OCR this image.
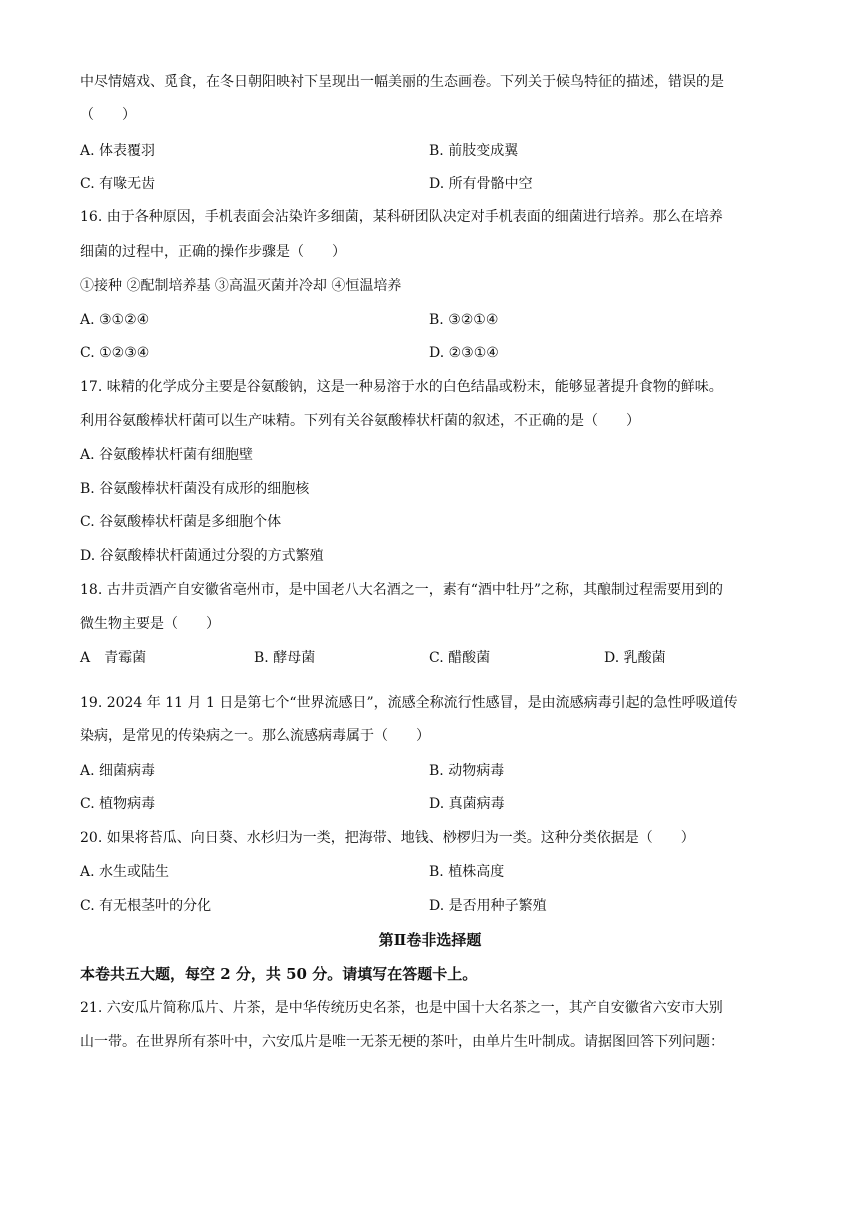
中尽情嬉戏、觅食，在冬日朝阳映衬下呈现出一幅美丽的生态画卷。下列关于候鸟特征的描述，错误的是
（　　）
A. 体表覆羽	B. 前肢变成翼
C. 有喙无齿	D. 所有骨骼中空
16. 由于各种原因，手机表面会沾染许多细菌，某科研团队决定对手机表面的细菌进行培养。那么在培养
细菌的过程中，正确的操作步骤是（　　）
①接种 ②配制培养基 ③高温灭菌并冷却 ④恒温培养
A. ③①②④	B. ③②①④
C. ①②③④	D. ②③①④
17. 味精的化学成分主要是谷氨酸钠，这是一种易溶于水的白色结晶或粉末，能够显著提升食物的鲜味。
利用谷氨酸棒状杆菌可以生产味精。下列有关谷氨酸棒状杆菌的叙述，不正确的是（　　）
A. 谷氨酸棒状杆菌有细胞壁
B. 谷氨酸棒状杆菌没有成形的细胞核
C. 谷氨酸棒状杆菌是多细胞个体
D. 谷氨酸棒状杆菌通过分裂的方式繁殖
18. 古井贡酒产自安徽省亳州市，是中国老八大名酒之一，素有“酒中牡丹”之称，其酿制过程需要用到的
微生物主要是（　　）
A　青霉菌	B. 酵母菌	C. 醋酸菌	D. 乳酸菌
19. 2024 年 11 月 1 日是第七个“世界流感日”，流感全称流行性感冒，是由流感病毒引起的急性呼吸道传
染病，是常见的传染病之一。那么流感病毒属于（　　）
A. 细菌病毒	B. 动物病毒
C. 植物病毒	D. 真菌病毒
20. 如果将苔瓜、向日葵、水杉归为一类，把海带、地钱、桫椤归为一类。这种分类依据是（　　）
A. 水生或陆生	B. 植株高度
C. 有无根茎叶的分化	D. 是否用种子繁殖
第Ⅱ卷非选择题
本卷共五大题，每空 2 分，共 50 分。请填写在答题卡上。
21. 六安瓜片简称瓜片、片茶，是中华传统历史名茶，也是中国十大名茶之一，其产自安徽省六安市大别
山一带。在世界所有茶叶中，六安瓜片是唯一无茶无梗的茶叶，由单片生叶制成。请据图回答下列问题：
